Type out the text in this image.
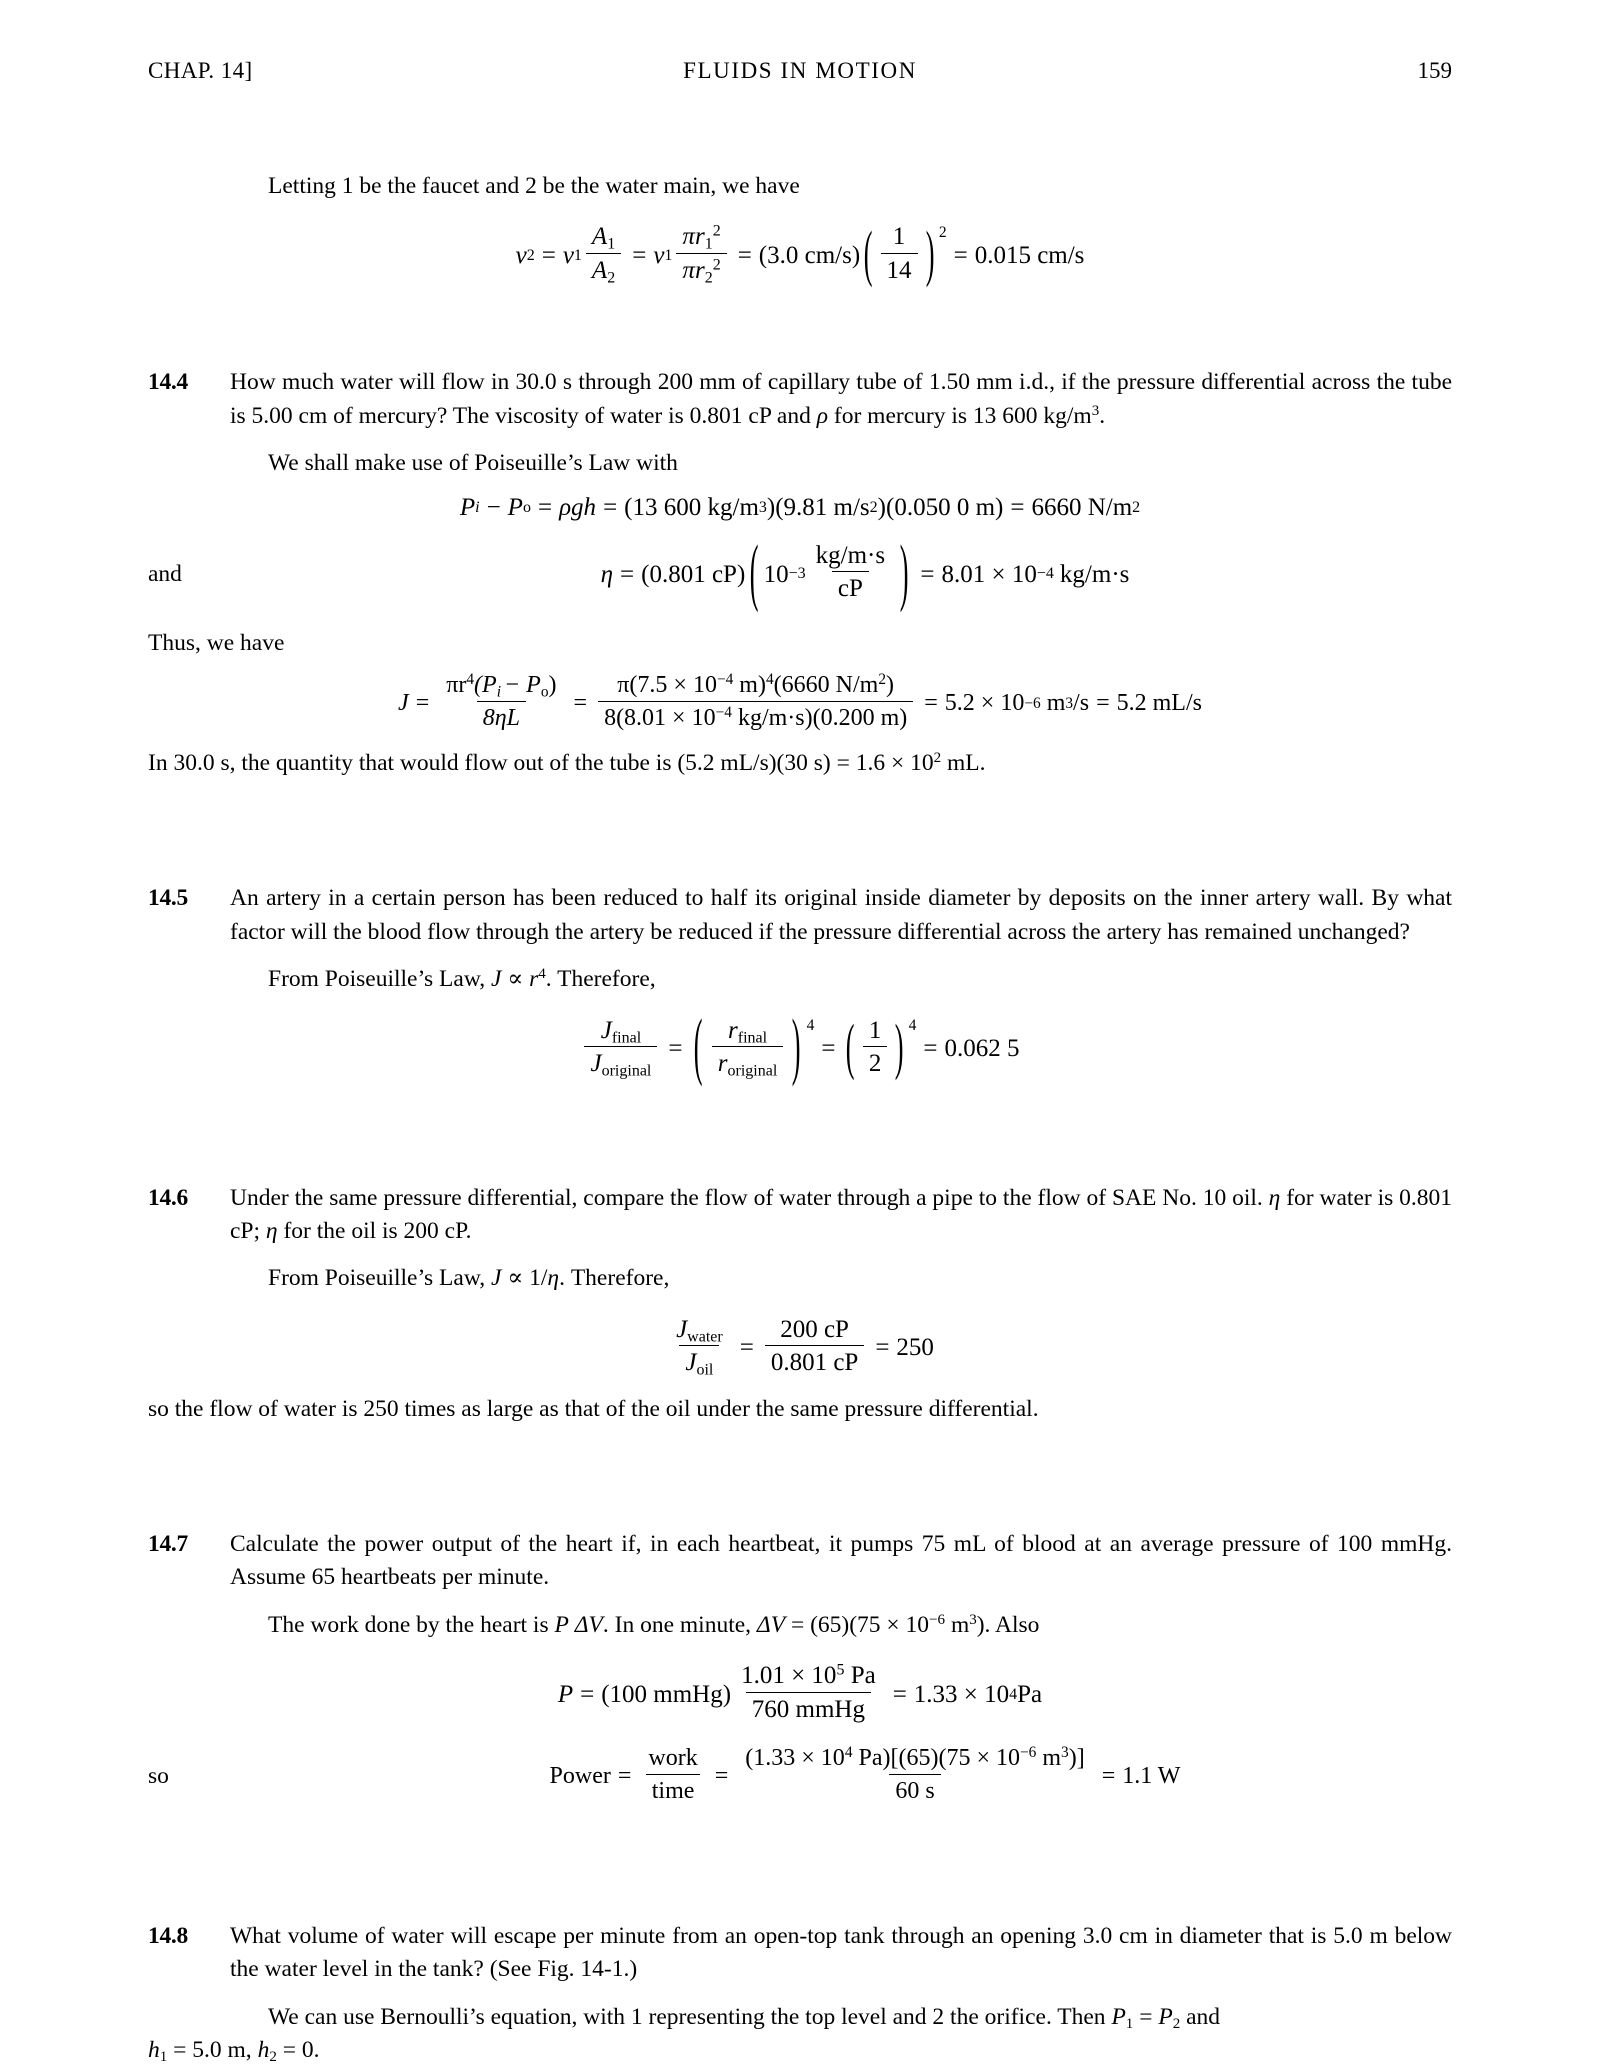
CHAP. 14]	FLUIDS IN MOTION	159
Letting 1 be the faucet and 2 be the water main, we have
v 2 = v $1 \frac{A_1}{A_2} = v$ $1 \frac{\pi r_1^2}{\pi r_2^2} = (3.0$ cm/s) ( $\frac{1}{14}$ ) 2
= 0.015 cm/s
14.4	How much water will flow in 30.0 s through 200 mm of capillary tube of 1.50 mm i.d., if the pressure differential across the tube is 5.00 cm of mercury? The viscosity of water is 0.801 cP and ρ for mercury is 13 600 $kg/m^3$.
We shall make use of Poiseuille’s Law with
P i − P o = ρgh = (13 600 kg/m 3 ) (9.81 m/s 2 ) (0.050 0 m) = 6660 N/m 2
and	η = (0.801 cP) ( $10 -3 \frac{kg/m\cdot s}{cP}$ ) = 8.01 × 10 −4 kg/m·s
Thus, we have
$J = \frac{\pi r^4(P_i - P_o)}{8\eta L} = \frac{\pi(7.5 \times 10^{-4} m)^4(6660 N/m^2)}{8(8.01 \times 10^{-4} kg/m\cdot s)(0.200 m)} = 5.2 \times 10 -6$ m 3 /s = 5.2 mL/s
In 30.0 s, the quantity that would flow out of the tube is (5.2 mL/s)(30 $s) = 1.6 \times 10^2$ mL.
14.5	An artery in a certain person has been reduced to half its original inside diameter by deposits on the inner artery wall. By what factor will the blood flow through the artery be reduced if the pressure differential across the artery has remained unchanged?
From Poiseuille’s Law, $J \propto r^4$. Therefore,
$\frac{J_{final}}{J_{original}}$ = ( $\frac{r_{final}}{r_{original}}$ ) 4
= ( $\frac{1}{2}$ ) 4
= 0.062 5
14.6	Under the same pressure differential, compare the flow of water through a pipe to the flow of SAE No. 10 oil. η for water is 0.801 cP; η for the oil is 200 cP.
From Poiseuille’s Law, J ∝ 1/η. Therefore,
$\frac{J_{water}}{J_{oil}} = \frac{200 cP}{0.801 cP} = 250$
so the flow of water is 250 times as large as that of the oil under the same pressure differential.
14.7	Calculate the power output of the heart if, in each heartbeat, it pumps 75 mL of blood at an average pressure of 100 mmHg. Assume 65 heartbeats per minute.
The work done by the heart is P ΔV. In one minute, $\Delta V = (65)(75 \times 10^{-6}$ $m^3$). Also
P = (100 mmHg) $\frac{1.01 \times 10^5 Pa}{\text{760 mmHg}} = 1.33 \times 10$ 4 Pa
so	Power = $\frac{\text{work}}{\text{time}} = \frac{(1.33 \times 10^4 Pa)[(65)(75 \times 10^{-6} m^3)]}{60 s} = 1.1$ W
14.8	What volume of water will escape per minute from an open-top tank through an opening 3.0 cm in diameter that is 5.0 m below the water level in the tank? (See Fig. 14-1.)
We can use Bernoulli’s equation, with 1 representing the top level and 2 the orifice. Then $P_1 = P_2$ and
$h_1 = 5.0$ m, $h_2 = 0$.
